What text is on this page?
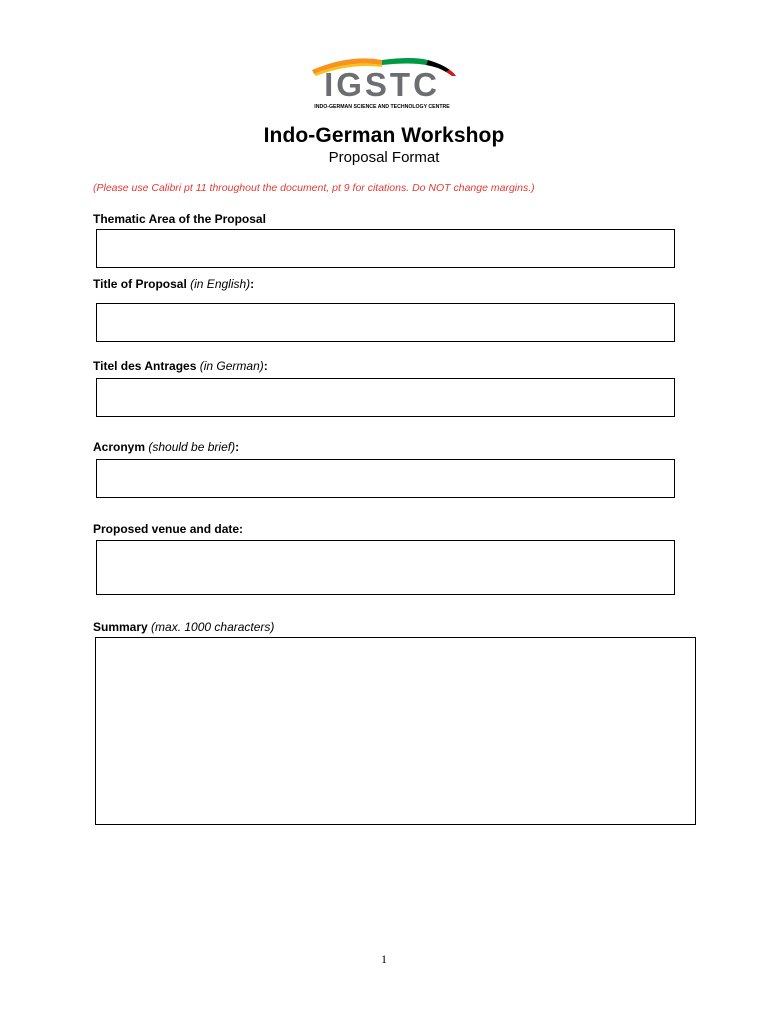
IGSTC
INDO-GERMAN SCIENCE AND TECHNOLOGY CENTRE
Indo-German Workshop
Proposal Format
(Please use Calibri pt 11 throughout the document, pt 9 for citations. Do NOT change margins.)
Thematic Area of the Proposal
Title of Proposal (in English):
Titel des Antrages (in German):
Acronym (should be brief):
Proposed venue and date:
Summary (max. 1000 characters)
1
